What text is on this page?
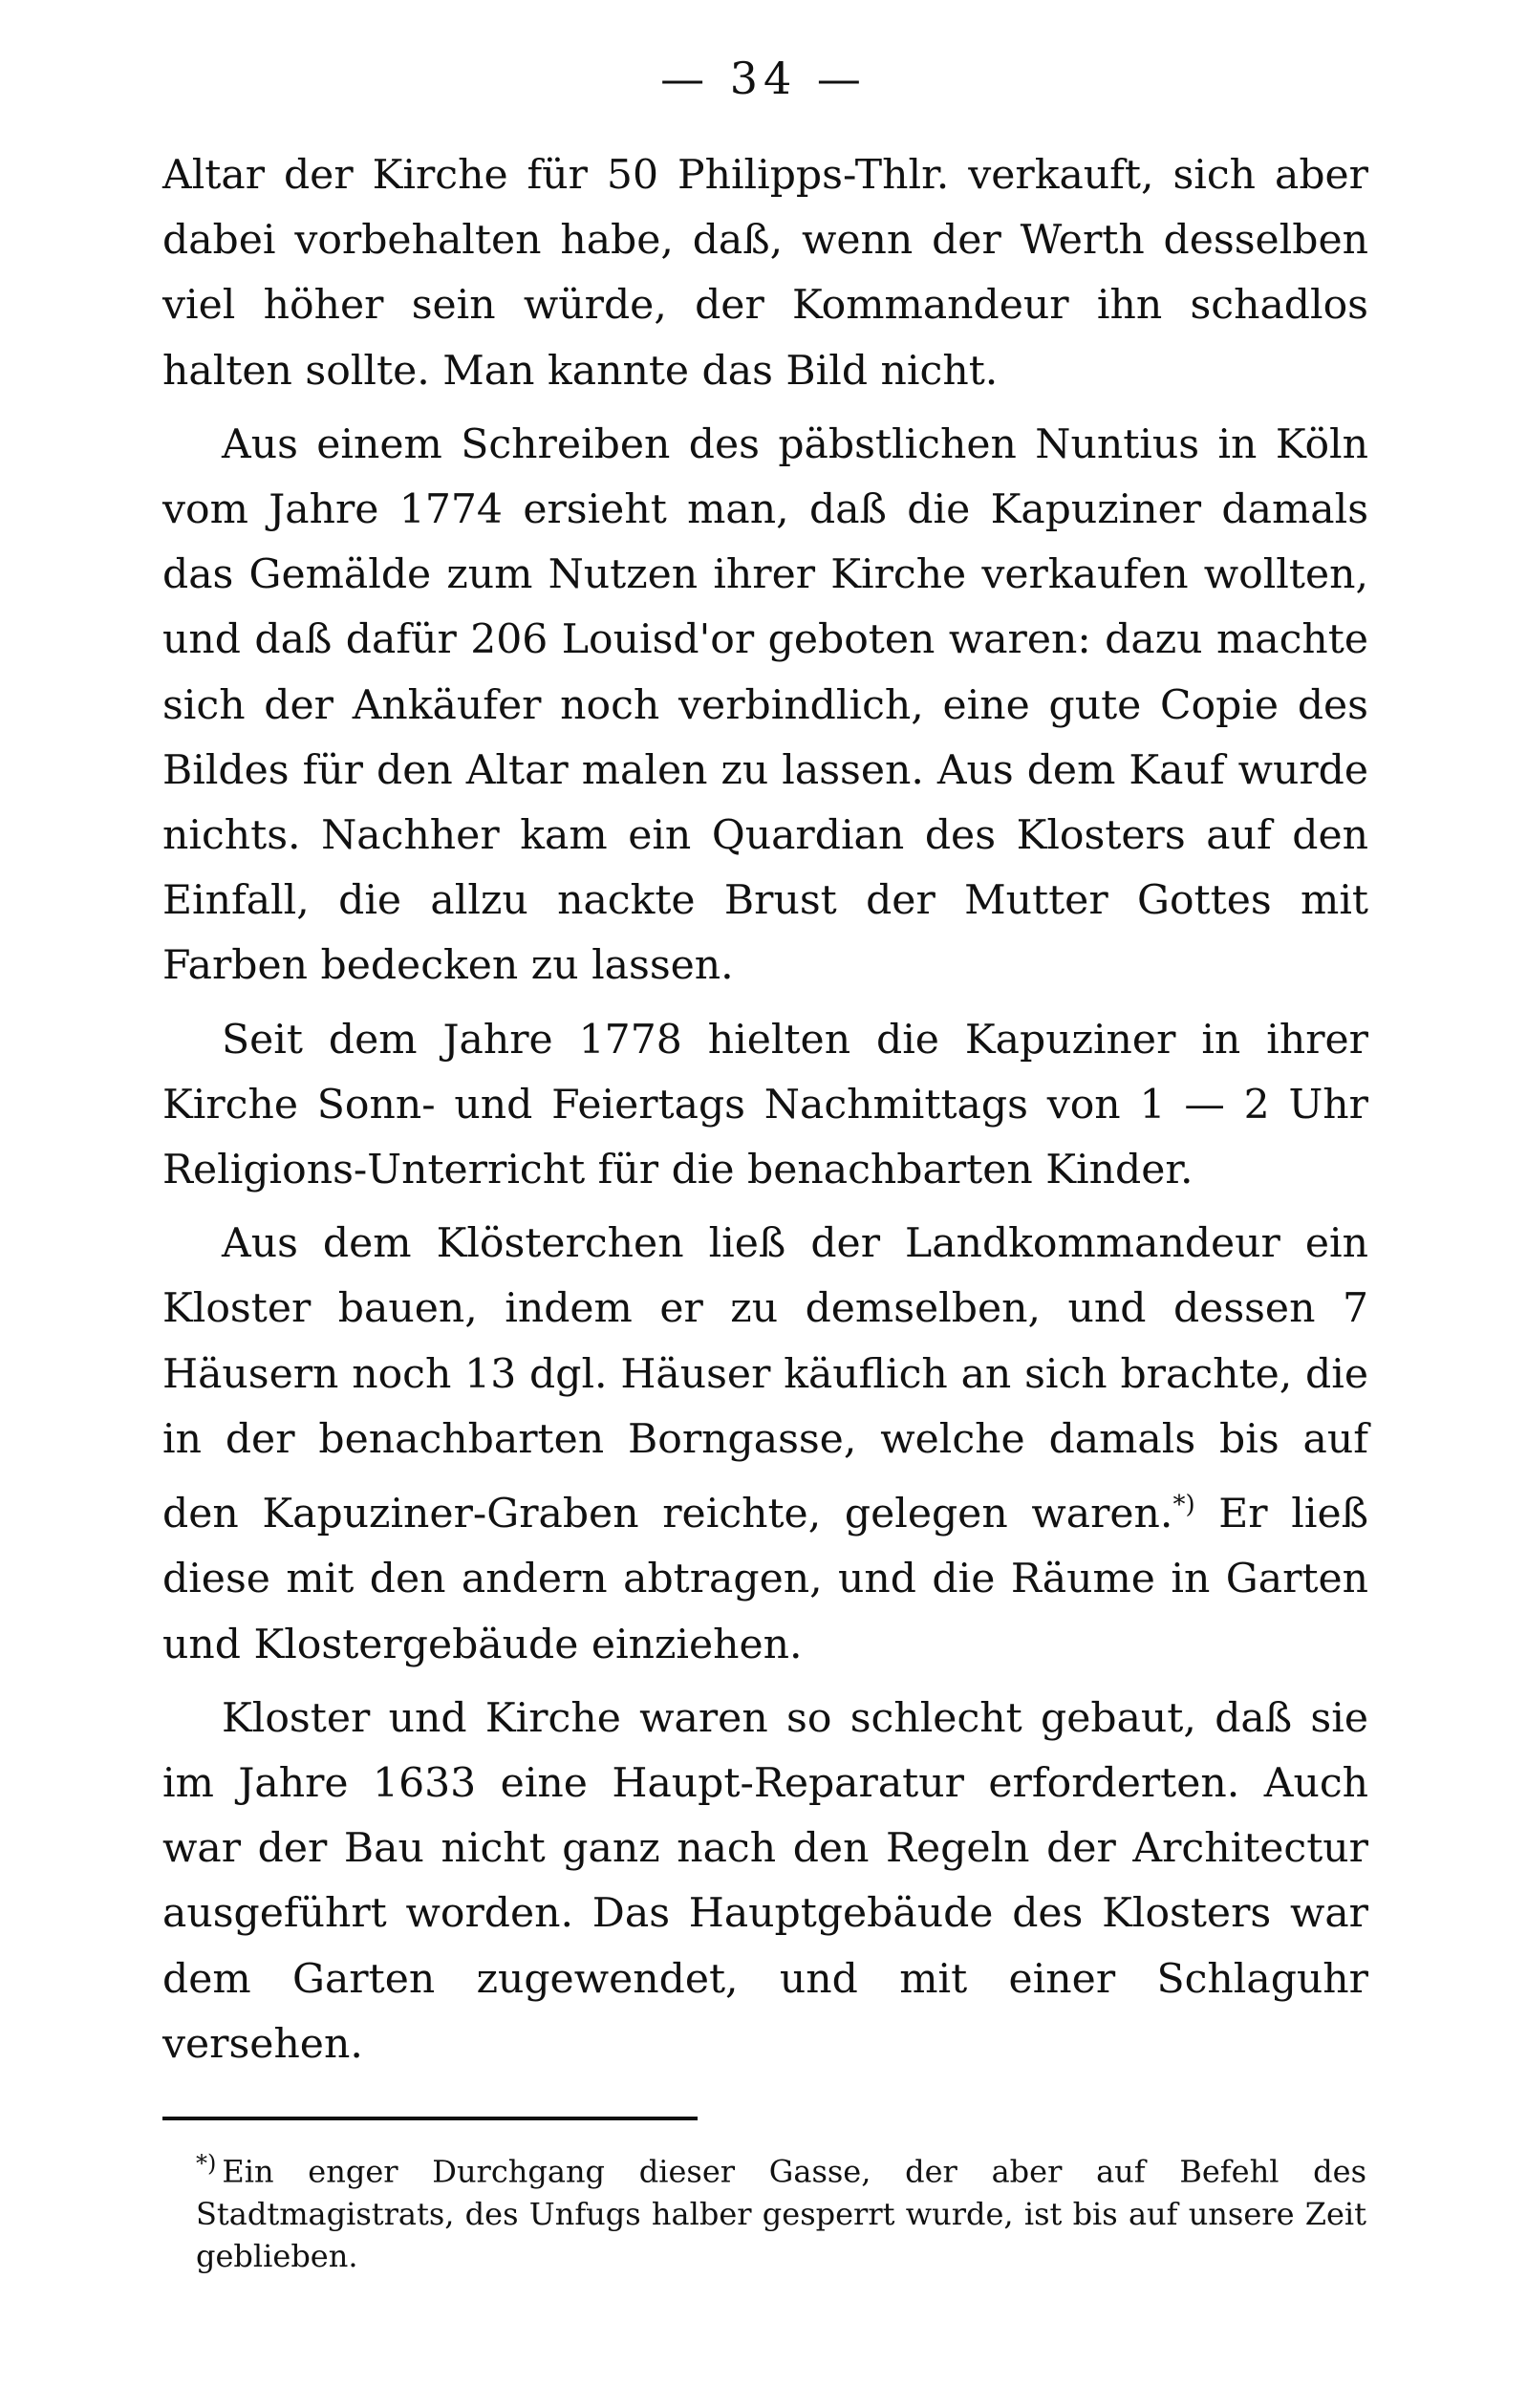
— 34 —

Altar der Kirche für 50 Philipps-Thlr. verkauft, sich aber dabei vorbehalten habe, daß, wenn der Werth desselben viel höher sein würde, der Kommandeur ihn schadlos halten sollte. Man kannte das Bild nicht.

Aus einem Schreiben des päbstlichen Nuntius in Köln vom Jahre 1774 ersieht man, daß die Kapuziner damals das Gemälde zum Nutzen ihrer Kirche verkaufen wollten, und daß dafür 206 Louisd'or geboten waren: dazu machte sich der Ankäufer noch verbindlich, eine gute Copie des Bildes für den Altar malen zu lassen. Aus dem Kauf wurde nichts. Nachher kam ein Quardian des Klosters auf den Einfall, die allzu nackte Brust der Mutter Gottes mit Farben bedecken zu lassen.

Seit dem Jahre 1778 hielten die Kapuziner in ihrer Kirche Sonn- und Feiertags Nachmittags von 1 — 2 Uhr Religions-Unterricht für die benachbarten Kinder.

Aus dem Klösterchen ließ der Landkommandeur ein Kloster bauen, indem er zu demselben, und dessen 7 Häusern noch 13 dgl. Häuser käuflich an sich brachte, die in der benachbarten Borngasse, welche damals bis auf den Kapuziner-Graben reichte, gelegen waren.*) Er ließ diese mit den andern abtragen, und die Räume in Garten und Klostergebäude einziehen.

Kloster und Kirche waren so schlecht gebaut, daß sie im Jahre 1633 eine Haupt-Reparatur erforderten. Auch war der Bau nicht ganz nach den Regeln der Architectur ausgeführt worden. Das Hauptgebäude des Klosters war dem Garten zugewendet, und mit einer Schlaguhr versehen.

*) Ein enger Durchgang dieser Gasse, der aber auf Befehl des Stadtmagistrats, des Unfugs halber gesperrt wurde, ist bis auf unsere Zeit geblieben.
